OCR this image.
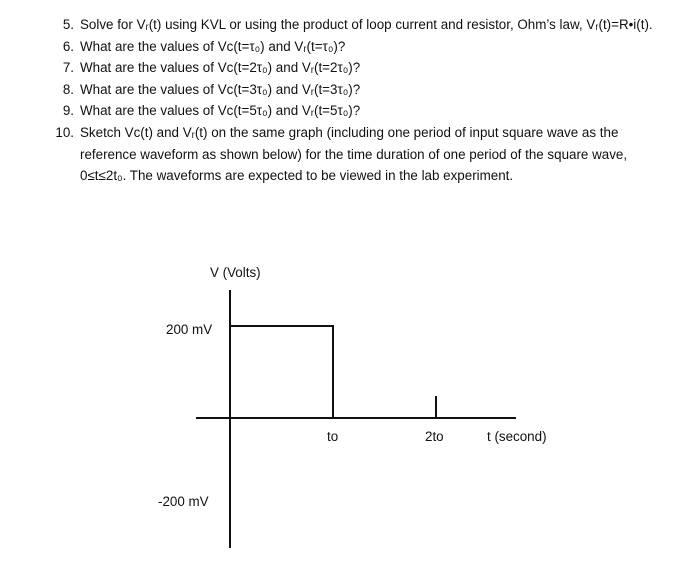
5. Solve for Vᵣ(t) using KVL or using the product of loop current and resistor, Ohm’s law, Vᵣ(t)=R•i(t).
6. What are the values of Vc(t=τ₀) and Vᵣ(t=τ₀)?
7. What are the values of Vc(t=2τ₀) and Vᵣ(t=2τ₀)?
8. What are the values of Vc(t=3τ₀) and Vᵣ(t=3τ₀)?
9. What are the values of Vc(t=5τ₀) and Vᵣ(t=5τ₀)?
10. Sketch Vc(t) and Vᵣ(t) on the same graph (including one period of input square wave as the reference waveform as shown below) for the time duration of one period of the square wave, 0≤t≤2t₀. The waveforms are expected to be viewed in the lab experiment.
V (Volts)
200 mV
-200 mV
to	2to	t (second)
